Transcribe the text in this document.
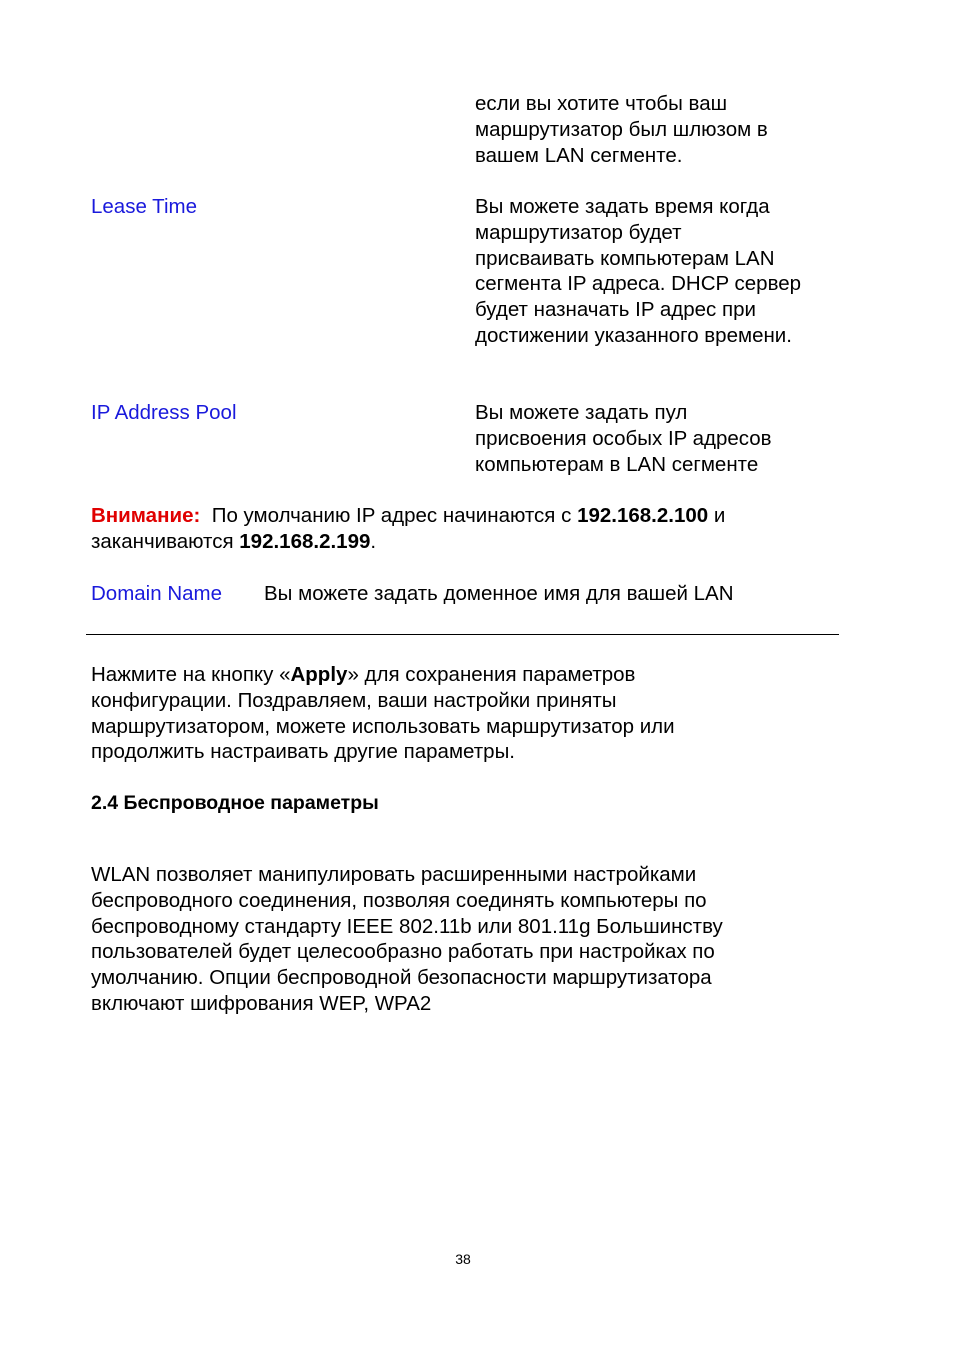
если вы хотите чтобы ваш
маршрутизатор был шлюзом в
вашем LAN сегменте.
Lease Time	Вы можете задать время когда
маршрутизатор будет
присваивать компьютерам LAN
сегмента IP адреса. DHCP сервер
будет назначать IP адрес при
достижении указанного времени.
IP Address Pool	Вы можете задать пул
присвоения особых IP адресов
компьютерам в LAN сегменте
Внимание: По умолчанию IP адрес начинаются с 192.168.2.100 и
заканчиваются 192.168.2.199.
Domain Name Вы можете задать доменное имя для вашей LAN
Нажмите на кнопку «Apply» для сохранения параметров
конфигурации. Поздравляем, ваши настройки приняты
маршрутизатором, можете использовать маршрутизатор или
продолжить настраивать другие параметры.
2.4 Беспроводное параметры
WLAN позволяет манипулировать расширенными настройками
беспроводного соединения, позволяя соединять компьютеры по
беспроводному стандарту IEEE 802.11b или 801.11g Большинству
пользователей будет целесообразно работать при настройках по
умолчанию. Опции беспроводной безопасности маршрутизатора
включают шифрования WEP, WPA2
38
